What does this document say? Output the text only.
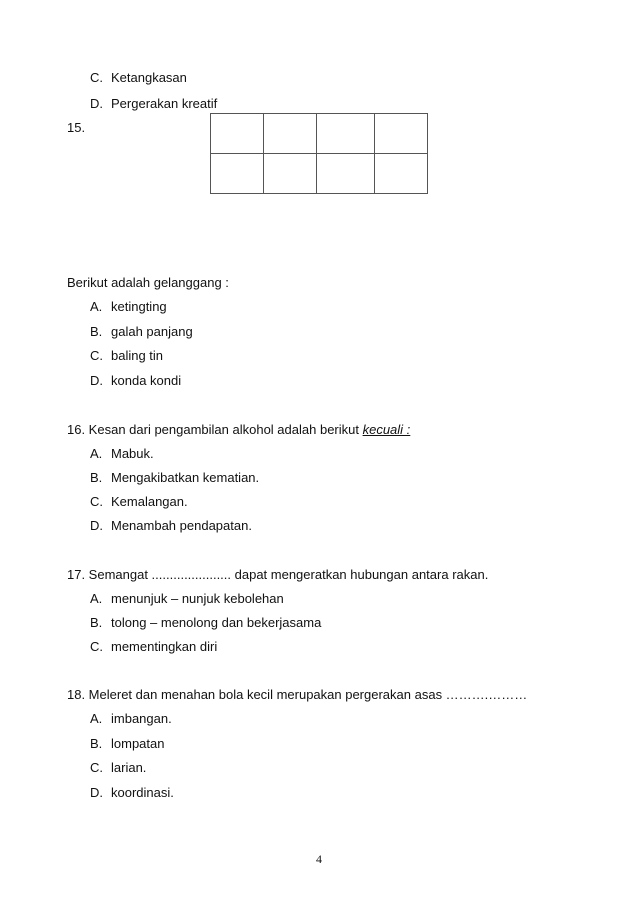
C. Ketangkasan
D. Pergerakan kreatif
15.

Berikut adalah gelanggang :
A. ketingting
B. galah panjang
C. baling tin
D. konda kondi
16. Kesan dari pengambilan alkohol adalah berikut kecuali :
A. Mabuk.
B. Mengakibatkan kematian.
C. Kemalangan.
D. Menambah pendapatan.
17. Semangat ...................... dapat mengeratkan hubungan antara rakan.
A. menunjuk – nunjuk kebolehan
B. tolong – menolong dan bekerjasama
C. mementingkan diri
18. Meleret dan menahan bola kecil merupakan pergerakan asas ……….………
A. imbangan.
B. lompatan
C. larian.
D. koordinasi.
4
